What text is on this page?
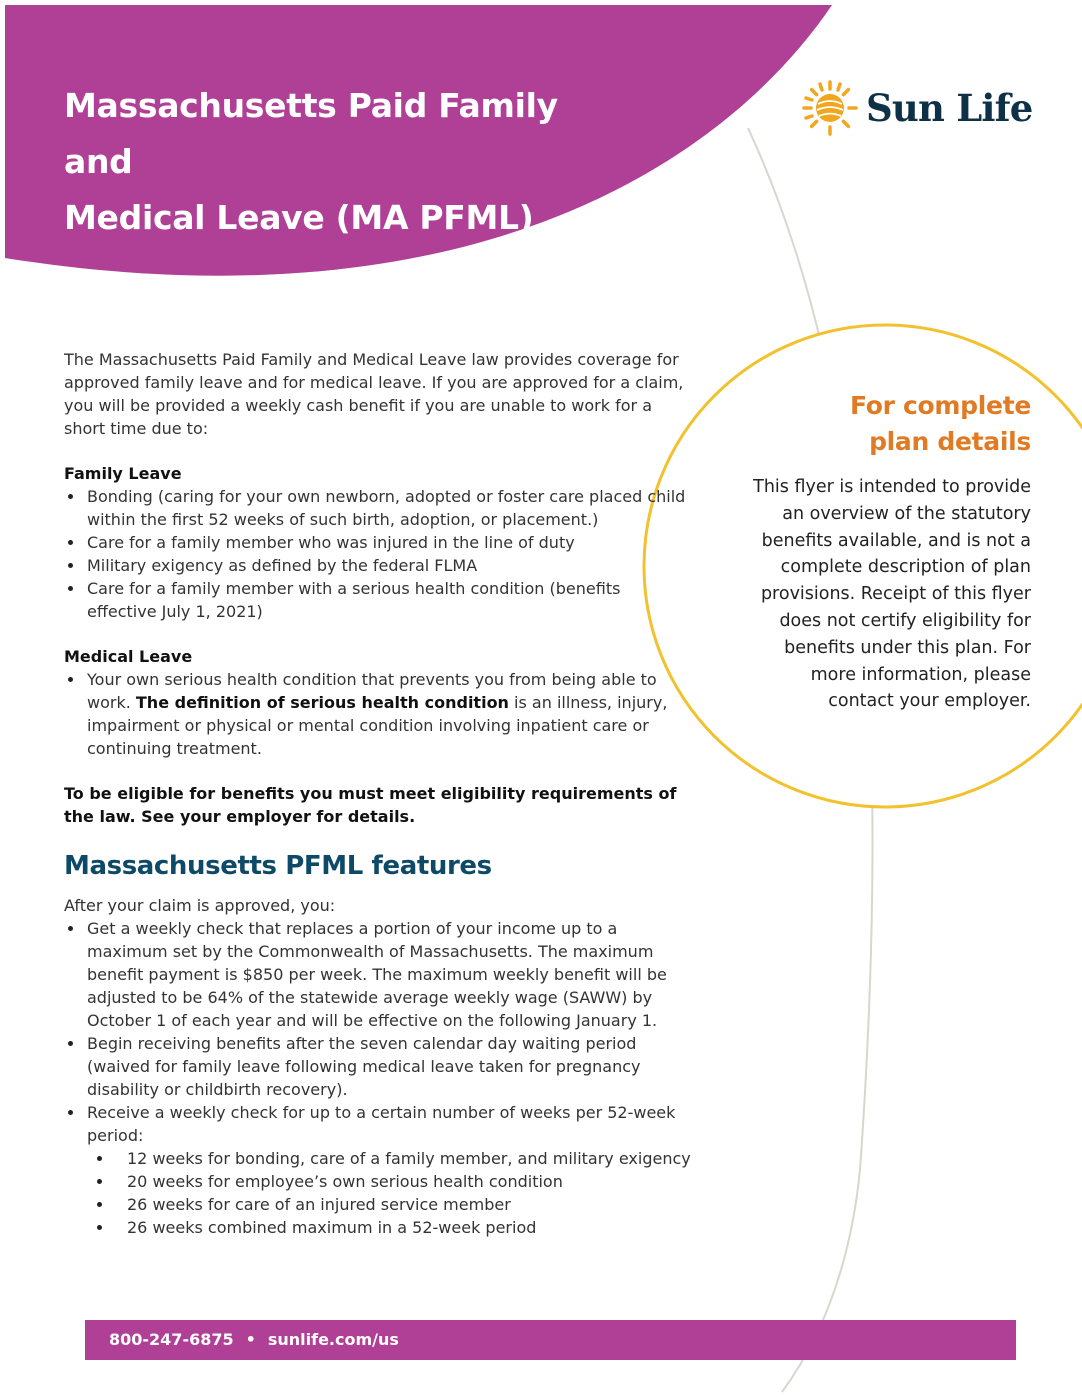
Massachusetts Paid Family and
Medical Leave (MA PFML)
Sun Life

The Massachusetts Paid Family and Medical Leave law provides coverage for approved family leave and for medical leave. If you are approved for a claim, you will be provided a weekly cash benefit if you are unable to work for a short time due to:

Family Leave

Bonding (caring for your own newborn, adopted or foster care placed child within the first 52 weeks of such birth, adoption, or placement.)
Care for a family member who was injured in the line of duty
Military exigency as defined by the federal FLMA
Care for a family member with a serious health condition (benefits effective July 1, 2021)

Medical Leave

Your own serious health condition that prevents you from being able to work. The definition of serious health condition is an illness, injury, impairment or physical or mental condition involving inpatient care or continuing treatment.

To be eligible for benefits you must meet eligibility requirements of the law. See your employer for details.

Massachusetts PFML features

After your claim is approved, you:

Get a weekly check that replaces a portion of your income up to a maximum set by the Commonwealth of Massachusetts. The maximum benefit payment is $850 per week. The maximum weekly benefit will be adjusted to be 64% of the statewide average weekly wage (SAWW) by October 1 of each year and will be effective on the following January 1.
Begin receiving benefits after the seven calendar day waiting period (waived for family leave following medical leave taken for pregnancy disability or childbirth recovery).
Receive a weekly check for up to a certain number of weeks per 52-week period:
12 weeks for bonding, care of a family member, and military exigency
20 weeks for employee’s own serious health condition
26 weeks for care of an injured service member
26 weeks combined maximum in a 52-week period
For complete
plan details

This flyer is intended to provide an overview of the statutory benefits available, and is not a complete description of plan provisions. Receipt of this flyer does not certify eligibility for benefits under this plan. For more information, please contact your employer.

800-247-6875 • sunlife.com/us
